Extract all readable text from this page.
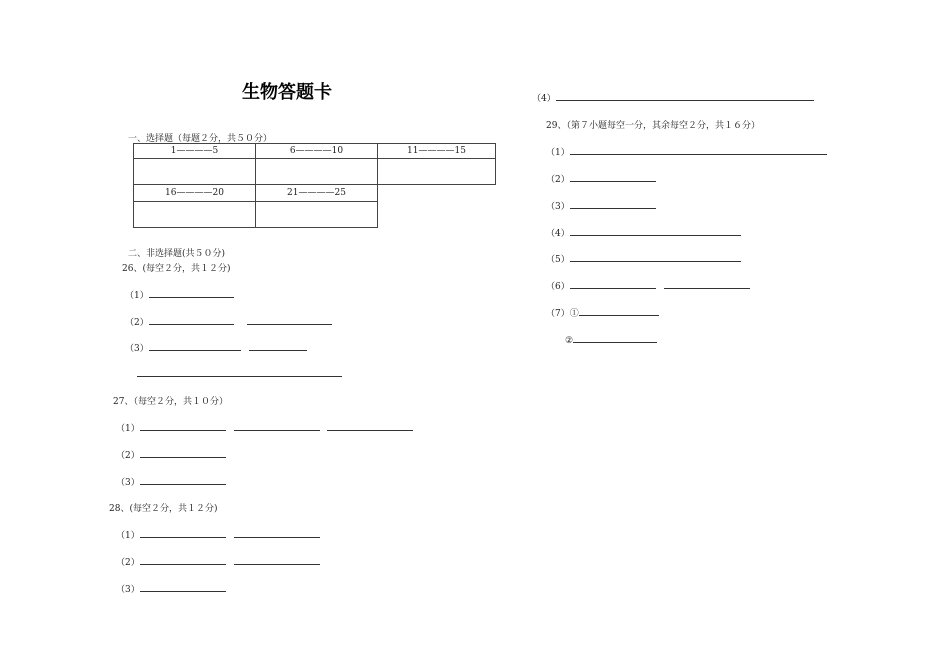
生物答题卡
一、选择题（每题２分，共５０分）
1————5	6————10	11————15

16————20	21————25	

二、非选择题(共５０分)
26、(每空２分，共１２分)
（1）
（2）
（3）
27、（每空２分，共１０分）
（1）
（2）
（3）
28、(每空２分，共１２分)
（1）
（2）
（3）
（4）
29、（第７小题每空一分，其余每空２分，共１６分）
（1）
（2）
（3）
（4）
（5）
（6）
（7）①
②
